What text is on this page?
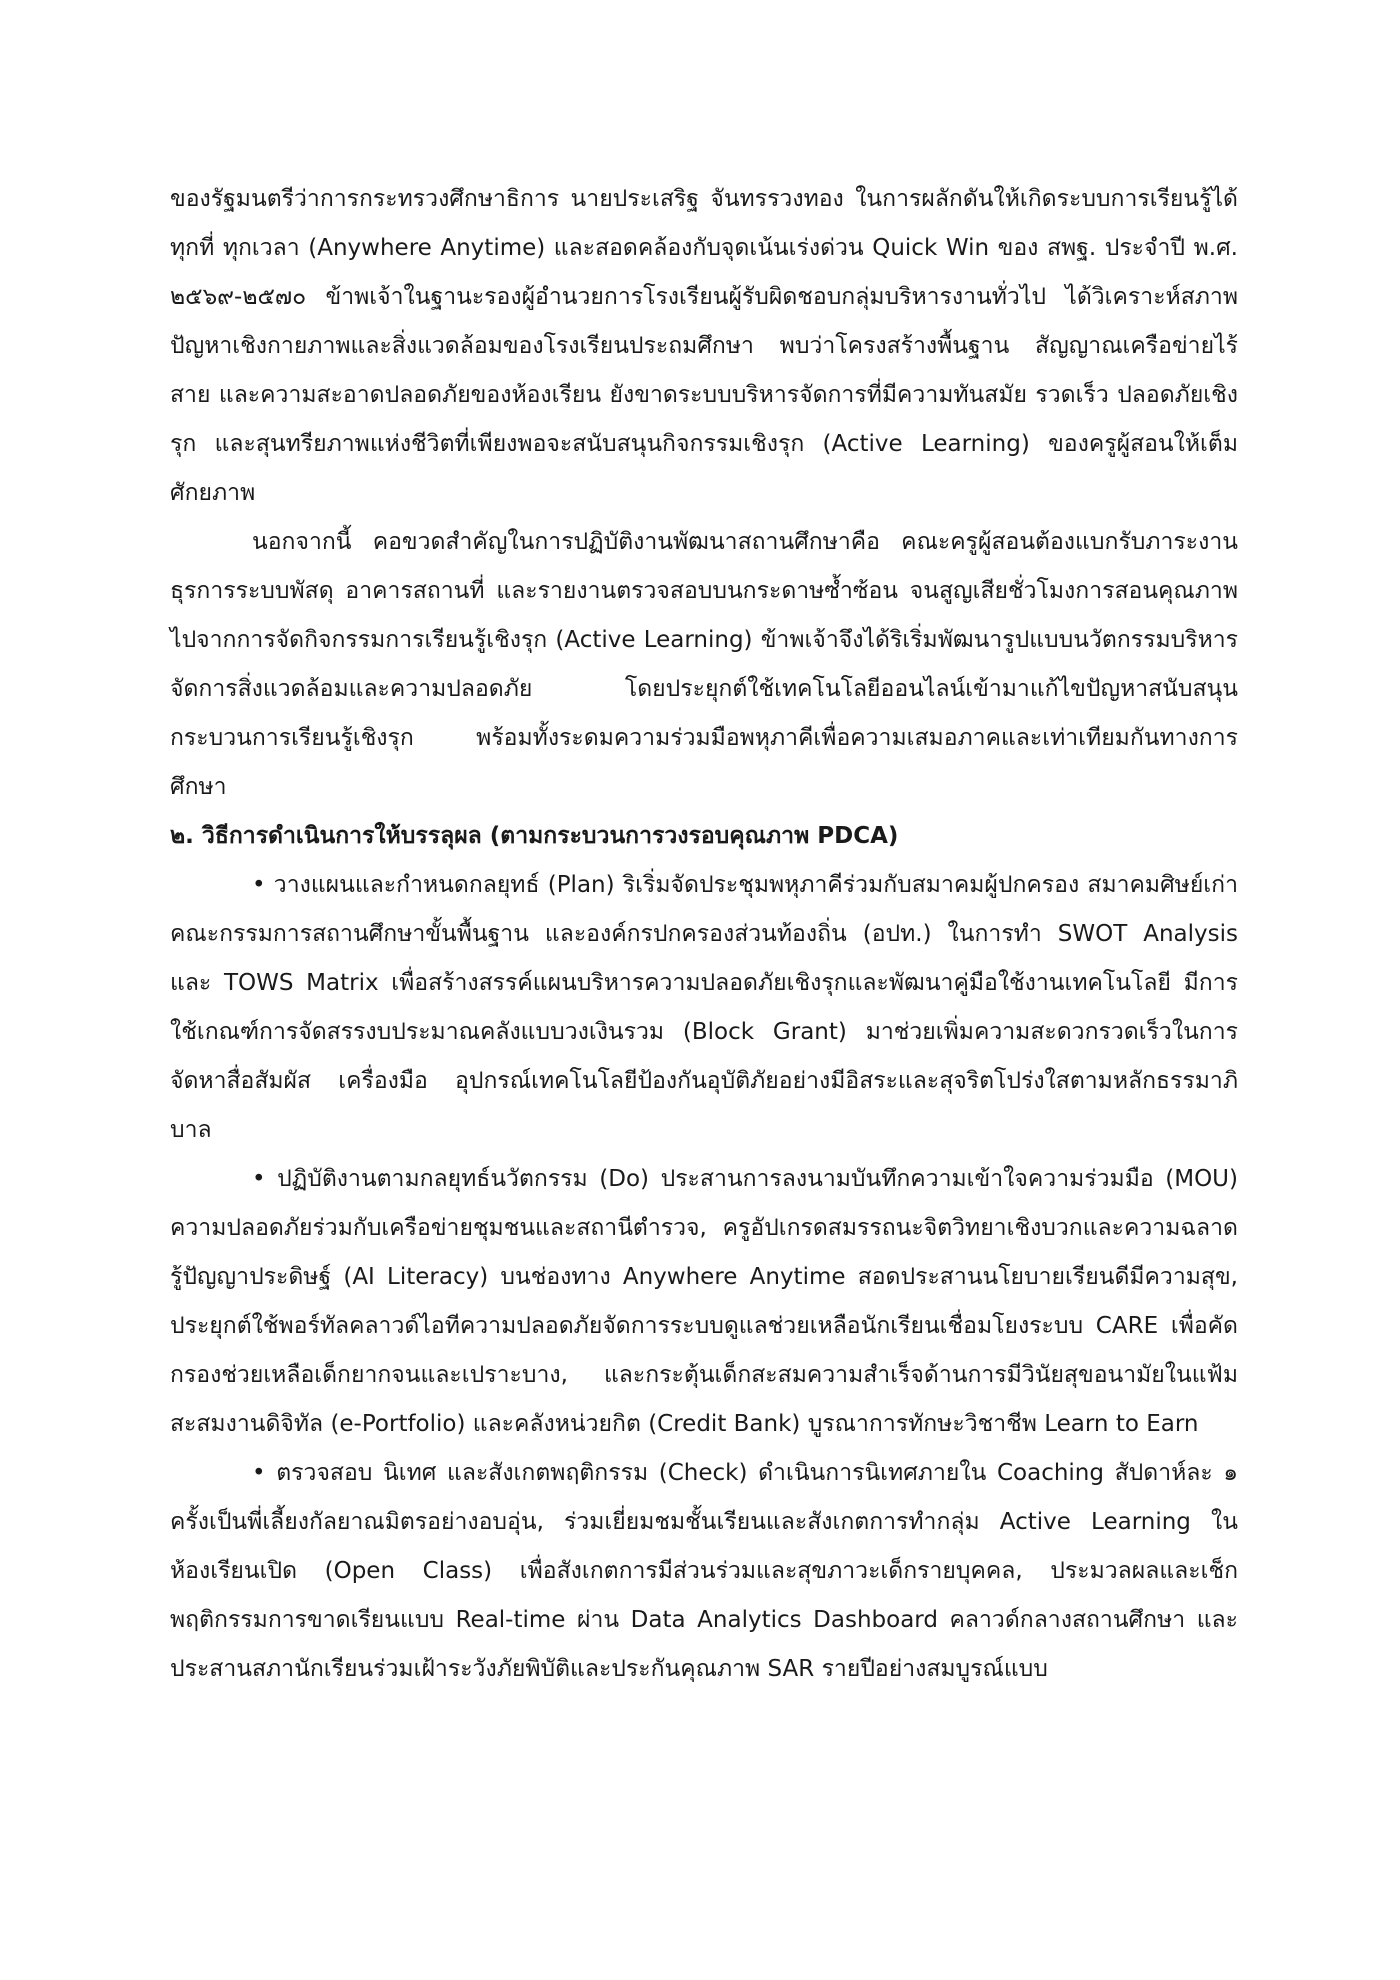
ของรัฐมนตรีว่าการกระทรวงศึกษาธิการ นายประเสริฐ จันทรรวงทอง ในการผลักดันให้เกิดระบบการเรียนรู้ได้ทุกที่ ทุกเวลา (Anywhere Anytime) และสอดคล้องกับจุดเน้นเร่งด่วน Quick Win ของ สพฐ. ประจำปี พ.ศ. ๒๕๖๙-๒๕๗๐ ข้าพเจ้าในฐานะรองผู้อำนวยการโรงเรียนผู้รับผิดชอบกลุ่มบริหารงานทั่วไป ได้วิเคราะห์สภาพปัญหาเชิงกายภาพและสิ่งแวดล้อมของโรงเรียนประถมศึกษา พบว่าโครงสร้างพื้นฐาน สัญญาณเครือข่ายไร้สาย และความสะอาดปลอดภัยของห้องเรียน ยังขาดระบบบริหารจัดการที่มีความทันสมัย รวดเร็ว ปลอดภัยเชิงรุก และสุนทรียภาพแห่งชีวิตที่เพียงพอจะสนับสนุนกิจกรรมเชิงรุก (Active Learning) ของครูผู้สอนให้เต็มศักยภาพ

นอกจากนี้ คอขวดสำคัญในการปฏิบัติงานพัฒนาสถานศึกษาคือ คณะครูผู้สอนต้องแบกรับภาระงานธุรการระบบพัสดุ อาคารสถานที่ และรายงานตรวจสอบบนกระดาษซ้ำซ้อน จนสูญเสียชั่วโมงการสอนคุณภาพไปจากการจัดกิจกรรมการเรียนรู้เชิงรุก (Active Learning) ข้าพเจ้าจึงได้ริเริ่มพัฒนารูปแบบนวัตกรรมบริหารจัดการสิ่งแวดล้อมและความปลอดภัย โดยประยุกต์ใช้เทคโนโลยีออนไลน์เข้ามาแก้ไขปัญหาสนับสนุนกระบวนการเรียนรู้เชิงรุก พร้อมทั้งระดมความร่วมมือพหุภาคีเพื่อความเสมอภาคและเท่าเทียมกันทางการศึกษา

๒. วิธีการดำเนินการให้บรรลุผล (ตามกระบวนการวงรอบคุณภาพ PDCA)

• วางแผนและกำหนดกลยุทธ์ (Plan) ริเริ่มจัดประชุมพหุภาคีร่วมกับสมาคมผู้ปกครอง สมาคมศิษย์เก่า คณะกรรมการสถานศึกษาขั้นพื้นฐาน และองค์กรปกครองส่วนท้องถิ่น (อปท.) ในการทำ SWOT Analysis และ TOWS Matrix เพื่อสร้างสรรค์แผนบริหารความปลอดภัยเชิงรุกและพัฒนาคู่มือใช้งานเทคโนโลยี มีการใช้เกณฑ์การจัดสรรงบประมาณคลังแบบวงเงินรวม (Block Grant) มาช่วยเพิ่มความสะดวกรวดเร็วในการจัดหาสื่อสัมผัส เครื่องมือ อุปกรณ์เทคโนโลยีป้องกันอุบัติภัยอย่างมีอิสระและสุจริตโปร่งใสตามหลักธรรมาภิบาล

• ปฏิบัติงานตามกลยุทธ์นวัตกรรม (Do) ประสานการลงนามบันทึกความเข้าใจความร่วมมือ (MOU) ความปลอดภัยร่วมกับเครือข่ายชุมชนและสถานีตำรวจ, ครูอัปเกรดสมรรถนะจิตวิทยาเชิงบวกและความฉลาดรู้ปัญญาประดิษฐ์ (AI Literacy) บนช่องทาง Anywhere Anytime สอดประสานนโยบายเรียนดีมีความสุข, ประยุกต์ใช้พอร์ทัลคลาวด์ไอทีความปลอดภัยจัดการระบบดูแลช่วยเหลือนักเรียนเชื่อมโยงระบบ CARE เพื่อคัดกรองช่วยเหลือเด็กยากจนและเปราะบาง, และกระตุ้นเด็กสะสมความสำเร็จด้านการมีวินัยสุขอนามัยในแฟ้มสะสมงานดิจิทัล (e-Portfolio) และคลังหน่วยกิต (Credit Bank) บูรณาการทักษะวิชาชีพ Learn to Earn

• ตรวจสอบ นิเทศ และสังเกตพฤติกรรม (Check) ดำเนินการนิเทศภายใน Coaching สัปดาห์ละ ๑ ครั้งเป็นพี่เลี้ยงกัลยาณมิตรอย่างอบอุ่น, ร่วมเยี่ยมชมชั้นเรียนและสังเกตการทำกลุ่ม Active Learning ในห้องเรียนเปิด (Open Class) เพื่อสังเกตการมีส่วนร่วมและสุขภาวะเด็กรายบุคคล, ประมวลผลและเช็กพฤติกรรมการขาดเรียนแบบ Real-time ผ่าน Data Analytics Dashboard คลาวด์กลางสถานศึกษา และประสานสภานักเรียนร่วมเฝ้าระวังภัยพิบัติและประกันคุณภาพ SAR รายปีอย่างสมบูรณ์แบบ
